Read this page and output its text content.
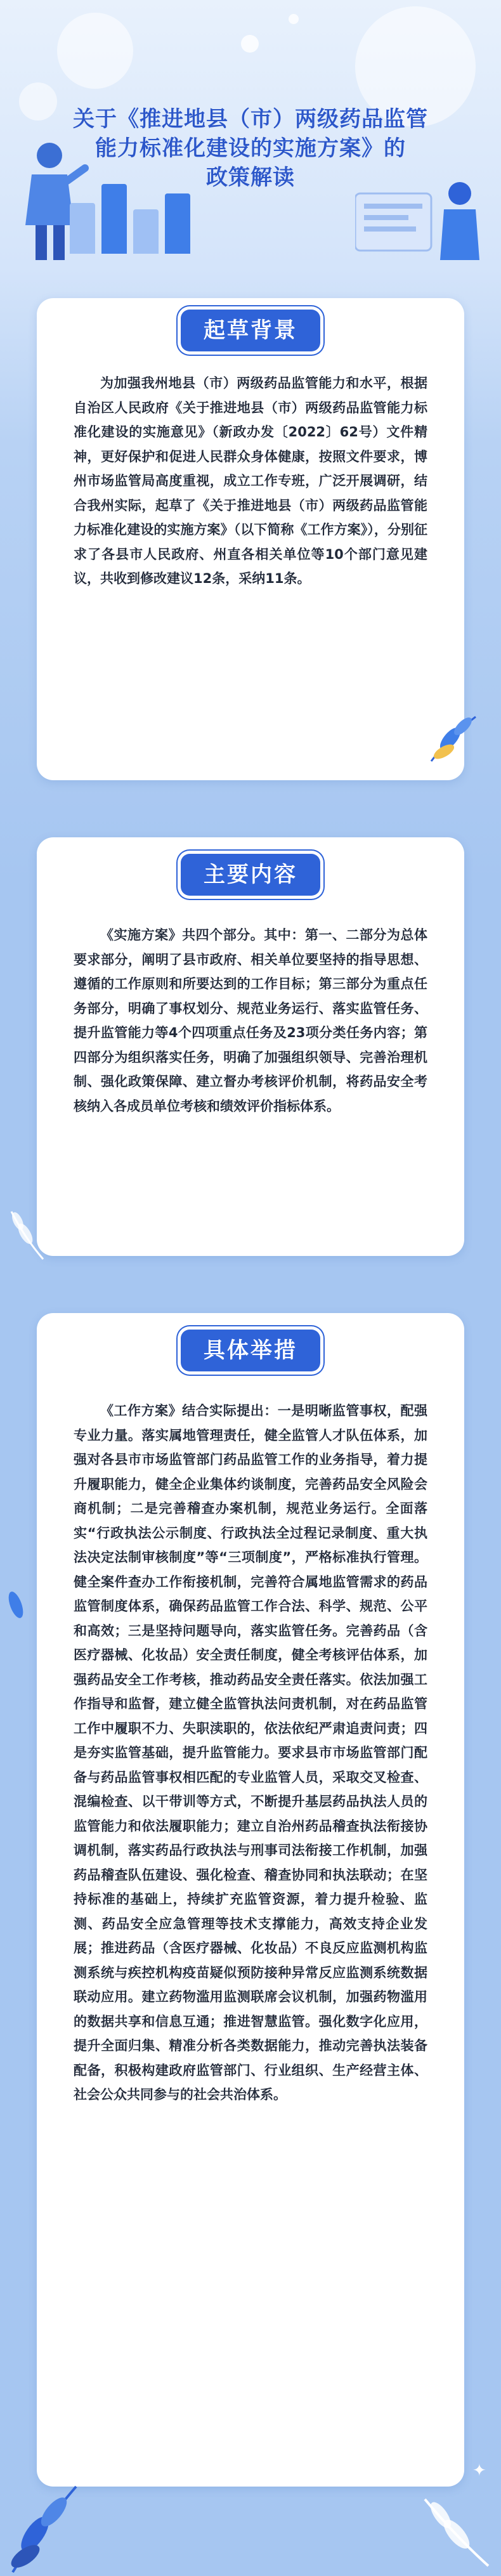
关于《推进地县（市）两级药品监管
能力标准化建设的实施方案》的
政策解读
起草背景
为加强我州地县（市）两级药品监管能力和水平，根据自治区人民政府《关于推进地县（市）两级药品监管能力标准化建设的实施意见》（新政办发〔2022〕62号）文件精神，更好保护和促进人民群众身体健康，按照文件要求，博州市场监管局高度重视，成立工作专班，广泛开展调研，结合我州实际，起草了《关于推进地县（市）两级药品监管能力标准化建设的实施方案》（以下简称《工作方案》），分别征求了各县市人民政府、州直各相关单位等10个部门意见建议，共收到修改建议12条，采纳11条。
主要内容
《实施方案》共四个部分。其中：第一、二部分为总体要求部分，阐明了县市政府、相关单位要坚持的指导思想、遵循的工作原则和所要达到的工作目标；第三部分为重点任务部分，明确了事权划分、规范业务运行、落实监管任务、提升监管能力等4个四项重点任务及23项分类任务内容；第四部分为组织落实任务，明确了加强组织领导、完善治理机制、强化政策保障、建立督办考核评价机制，将药品安全考核纳入各成员单位考核和绩效评价指标体系。
具体举措
《工作方案》结合实际提出：一是明晰监管事权，配强专业力量。落实属地管理责任，健全监管人才队伍体系，加强对各县市市场监管部门药品监管工作的业务指导，着力提升履职能力，健全企业集体约谈制度，完善药品安全风险会商机制；二是完善稽查办案机制，规范业务运行。全面落实“行政执法公示制度、行政执法全过程记录制度、重大执法决定法制审核制度”等“三项制度”，严格标准执行管理。健全案件查办工作衔接机制，完善符合属地监管需求的药品监管制度体系，确保药品监管工作合法、科学、规范、公平和高效；三是坚持问题导向，落实监管任务。完善药品（含医疗器械、化妆品）安全责任制度，健全考核评估体系，加强药品安全工作考核，推动药品安全责任落实。依法加强工作指导和监督，建立健全监管执法问责机制，对在药品监管工作中履职不力、失职渎职的，依法依纪严肃追责问责；四是夯实监管基础，提升监管能力。要求县市市场监管部门配备与药品监管事权相匹配的专业监管人员，采取交叉检查、混编检查、以干带训等方式，不断提升基层药品执法人员的监管能力和依法履职能力；建立自治州药品稽查执法衔接协调机制，落实药品行政执法与刑事司法衔接工作机制，加强药品稽查队伍建设、强化检查、稽查协同和执法联动；在坚持标准的基础上，持续扩充监管资源，着力提升检验、监测、药品安全应急管理等技术支撑能力，高效支持企业发展；推进药品（含医疗器械、化妆品）不良反应监测机构监测系统与疾控机构疫苗疑似预防接种异常反应监测系统数据联动应用。建立药物滥用监测联席会议机制，加强药物滥用的数据共享和信息互通；推进智慧监管。强化数字化应用，提升全面归集、精准分析各类数据能力，推动完善执法装备配备，积极构建政府监管部门、行业组织、生产经营主体、社会公众共同参与的社会共治体系。
✦
